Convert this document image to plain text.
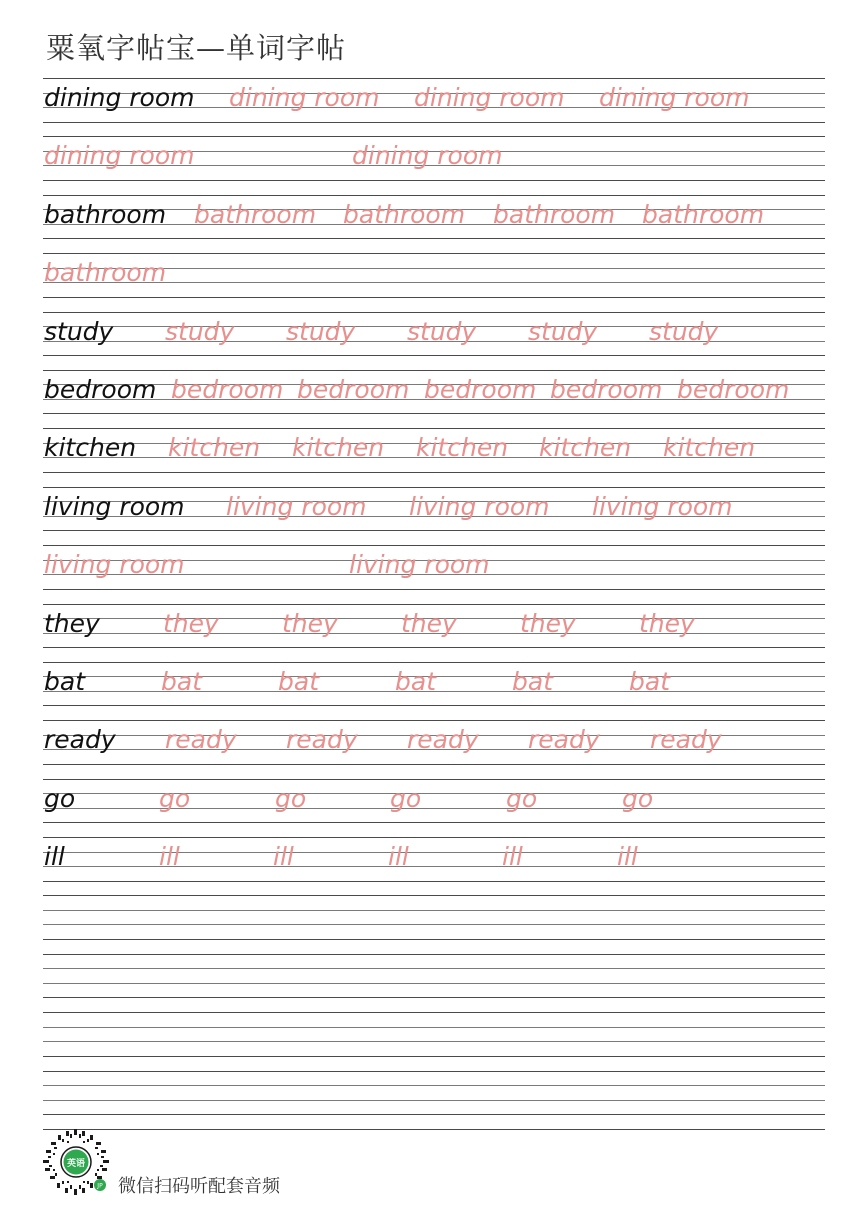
粟氧字帖宝—单词字帖
dining room dining room dining room dining room
dining room	dining room
bathroom bathroom bathroom bathroom bathroom
bathroom
study study study study study study
bedroom bedroom bedroom bedroom bedroom bedroom
kitchen kitchen kitchen kitchen kitchen kitchen
living room living room living room living room
living room	living room
they	they	they	they	they	they
bat	bat	bat	bat	bat	bat
ready ready ready ready ready ready
go	go	go	go	go	go
ill	ill	ill	ill	ill	ill
英语
JP 微信扫码听配套音频
